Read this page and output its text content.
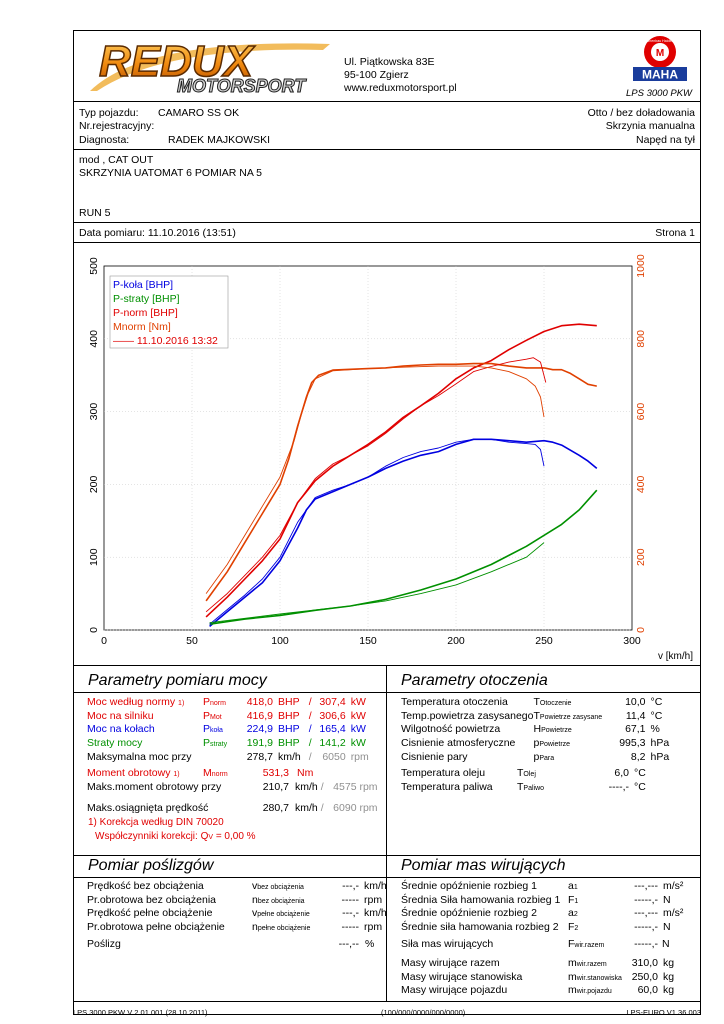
REDUX
MOTORSPORT
Ul. Piątkowska 83E
95-100 Zgierz
www.reduxmotorsport.pl
M
Maschinenbau Haldenwang
MAHA
LPS 3000 PKW
Typ pojazdu: CAMARO SS OK
Nr.rejestracyjny:
Diagnosta:	RADEK MAJKOWSKI
Otto / bez doładowania
Skrzynia manualna
Napęd na tył
mod , CAT OUT
SKRZYNIA UATOMAT 6 POMIAR NA 5
RUN 5
Data pomiaru: 11.10.2016 (13:51)	Strona 1
0	50	100	150	200	250	300
0
100
200
300
400
500
0
200
400
600
800
1000
v [km/h]
P-koła [BHP]
P-straty [BHP]
P-norm [BHP]
Mnorm [Nm]
—— 11.10.2016 13:32
Parametry pomiaru mocy
Moc według normy 1)	Pnorm	418,0	BHP	/	307,4	kW
Moc na silniku	PMot	416,9	BHP	/	306,6	kW
Moc na kołach	Pkoła	224,9	BHP	/	165,4	kW
Straty mocy	Pstraty	191,9	BHP	/	141,2	kW
Maksymalna moc przy		278,7	km/h	/	6050	rpm
Moment obrotowy 1)	Mnorm	531,3	Nm
Maks.moment obrotowy przy		210,7	km/h / 4575 rpm

Maks.osiągnięta prędkość		280,7	km/h / 6090 rpm
1) Korekcja według DIN 70020
Współczynniki korekcji: QV = 0,00 %
Parametry otoczenia
Temperatura otoczenia	TOtoczenie	10,0	°C
Temp.powietrza zasysanego	TPowietrze zasysane	11,4	°C
Wilgotność powietrza	HPowietrze	67,1	%
Cisnienie atmosferyczne	pPowietrze	995,3	hPa
Cisnienie pary	pPara	8,2	hPa
Temperatura oleju	TOlej	6,0	°C
Temperatura paliwa	TPaliwo	----,-	°C
Pomiar poślizgów
Prędkość bez obciążenia	vbez obciążenia	---,-	km/h
Pr.obrotowa bez obciążenia	nbez obciążenia	-----	rpm
Prędkość pełne obciążenie	vpełne obciążenie	---,-	km/h
Pr.obrotowa pełne obciążenie	npełne obciążenie	-----	rpm
Poślizg	---,--	%
Pomiar mas wirujących
Średnie opóźnienie rozbieg 1	a1	---,---	m/s²
Średnia Siła hamowania rozbieg 1	F1	-----,-	N
Średnie opóźnienie rozbieg 2	a2	---,---	m/s²
Średnie siła hamowania rozbieg 2	F2	-----,-	N
Siła mas wirujących	Fwir.razem	-----,-	N
Masy wirujące razem	mwir.razem	310,0	kg
Masy wirujące stanowiska	mwir.stanowiska	250,0	kg
Masy wirujące pojazdu	mwir.pojazdu	60,0	kg
LPS 3000 PKW V 2.01.001 (28.10.2011)	(100/000/0000/000/0000)	LPS-EURO V1.36.003
